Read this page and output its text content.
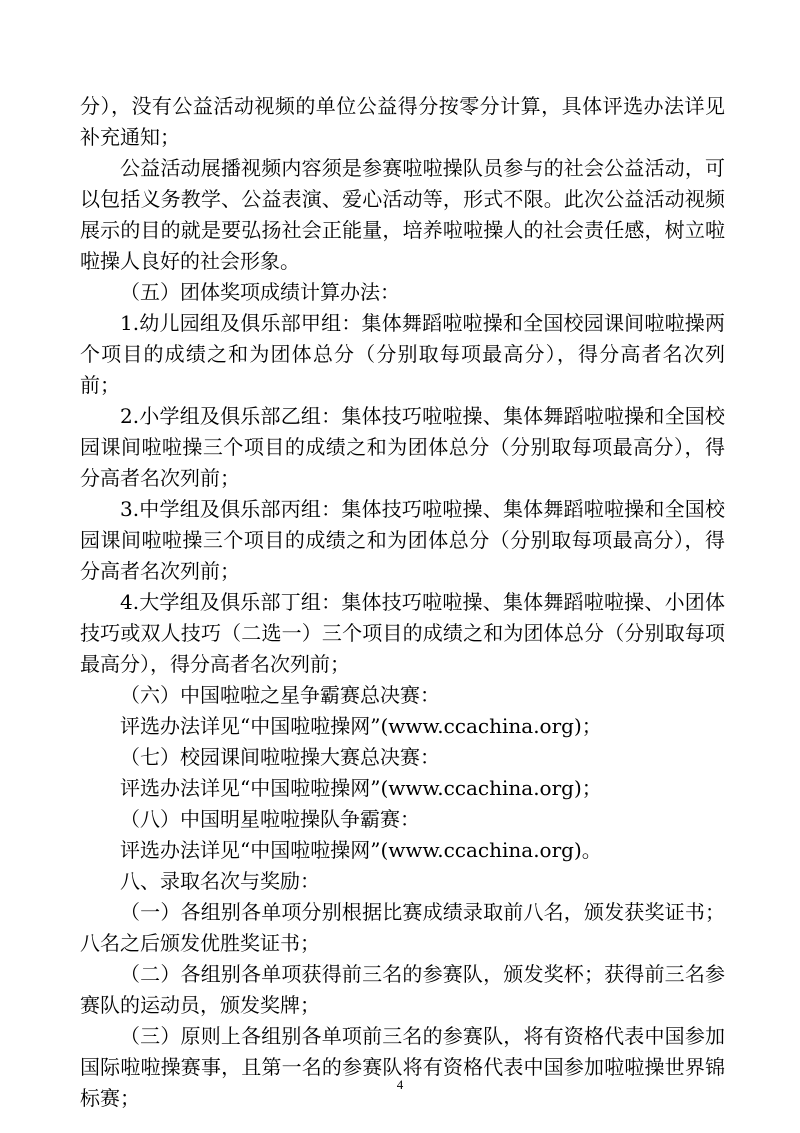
分），没有公益活动视频的单位公益得分按零分计算，具体评选办法详见补充通知；

公益活动展播视频内容须是参赛啦啦操队员参与的社会公益活动，可以包括义务教学、公益表演、爱心活动等，形式不限。此次公益活动视频展示的目的就是要弘扬社会正能量，培养啦啦操人的社会责任感，树立啦啦操人良好的社会形象。

（五）团体奖项成绩计算办法：

1.幼儿园组及俱乐部甲组：集体舞蹈啦啦操和全国校园课间啦啦操两个项目的成绩之和为团体总分（分别取每项最高分），得分高者名次列前；

2.小学组及俱乐部乙组：集体技巧啦啦操、集体舞蹈啦啦操和全国校园课间啦啦操三个项目的成绩之和为团体总分（分别取每项最高分），得分高者名次列前；

3.中学组及俱乐部丙组：集体技巧啦啦操、集体舞蹈啦啦操和全国校园课间啦啦操三个项目的成绩之和为团体总分（分别取每项最高分），得分高者名次列前；

4.大学组及俱乐部丁组：集体技巧啦啦操、集体舞蹈啦啦操、小团体技巧或双人技巧（二选一）三个项目的成绩之和为团体总分（分别取每项最高分），得分高者名次列前；

（六）中国啦啦之星争霸赛总决赛：

评选办法详见“中国啦啦操网”(www.ccachina.org)；

（七）校园课间啦啦操大赛总决赛：

评选办法详见“中国啦啦操网”(www.ccachina.org)；

（八）中国明星啦啦操队争霸赛：

评选办法详见“中国啦啦操网”(www.ccachina.org)。

八、录取名次与奖励：

（一）各组别各单项分别根据比赛成绩录取前八名，颁发获奖证书；八名之后颁发优胜奖证书；

（二）各组别各单项获得前三名的参赛队，颁发奖杯；获得前三名参赛队的运动员，颁发奖牌；

（三）原则上各组别各单项前三名的参赛队，将有资格代表中国参加国际啦啦操赛事，且第一名的参赛队将有资格代表中国参加啦啦操世界锦标赛；

4
